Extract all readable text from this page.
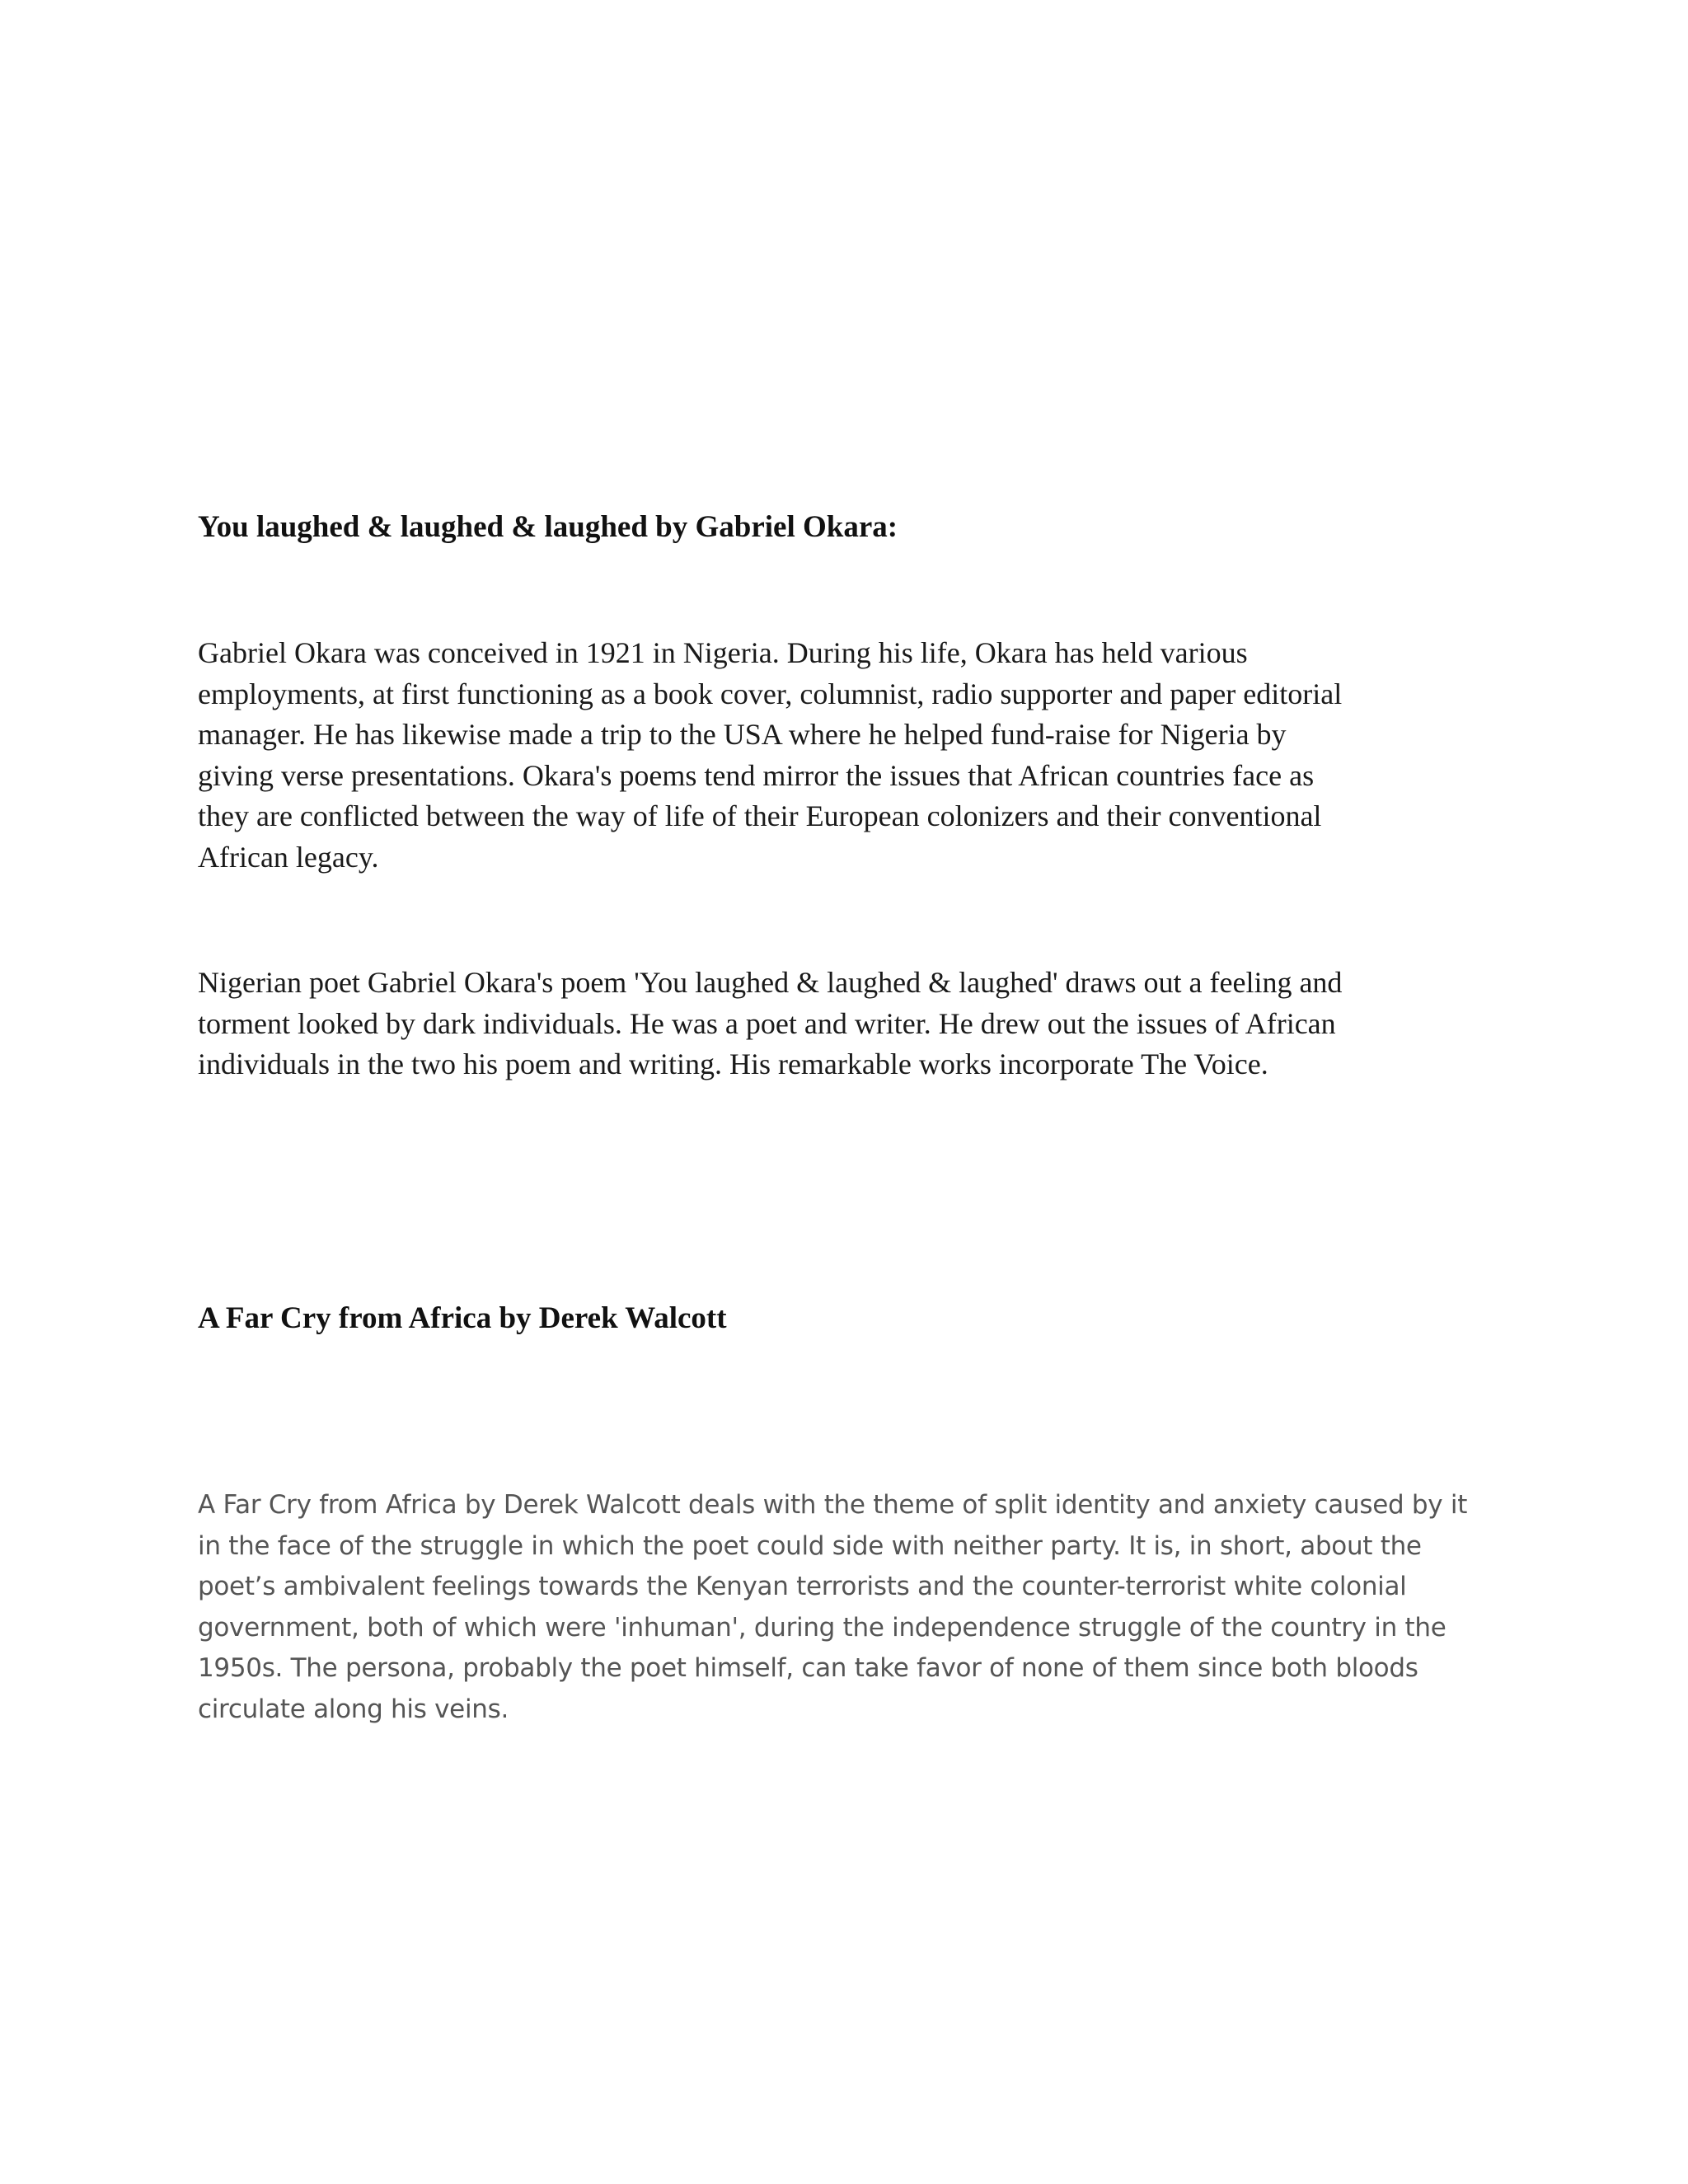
You laughed & laughed & laughed by Gabriel Okara:

Gabriel Okara was conceived in 1921 in Nigeria. During his life, Okara has held various
employments, at first functioning as a book cover, columnist, radio supporter and paper editorial
manager. He has likewise made a trip to the USA where he helped fund-raise for Nigeria by
giving verse presentations. Okara's poems tend mirror the issues that African countries face as
they are conflicted between the way of life of their European colonizers and their conventional
African legacy.

Nigerian poet Gabriel Okara's poem 'You laughed & laughed & laughed' draws out a feeling and
torment looked by dark individuals. He was a poet and writer. He drew out the issues of African
individuals in the two his poem and writing. His remarkable works incorporate The Voice.

A Far Cry from Africa by Derek Walcott

A Far Cry from Africa by Derek Walcott deals with the theme of split identity and anxiety caused by it
in the face of the struggle in which the poet could side with neither party. It is, in short, about the
poet’s ambivalent feelings towards the Kenyan terrorists and the counter-terrorist white colonial
government, both of which were 'inhuman', during the independence struggle of the country in the
1950s. The persona, probably the poet himself, can take favor of none of them since both bloods
circulate along his veins.
